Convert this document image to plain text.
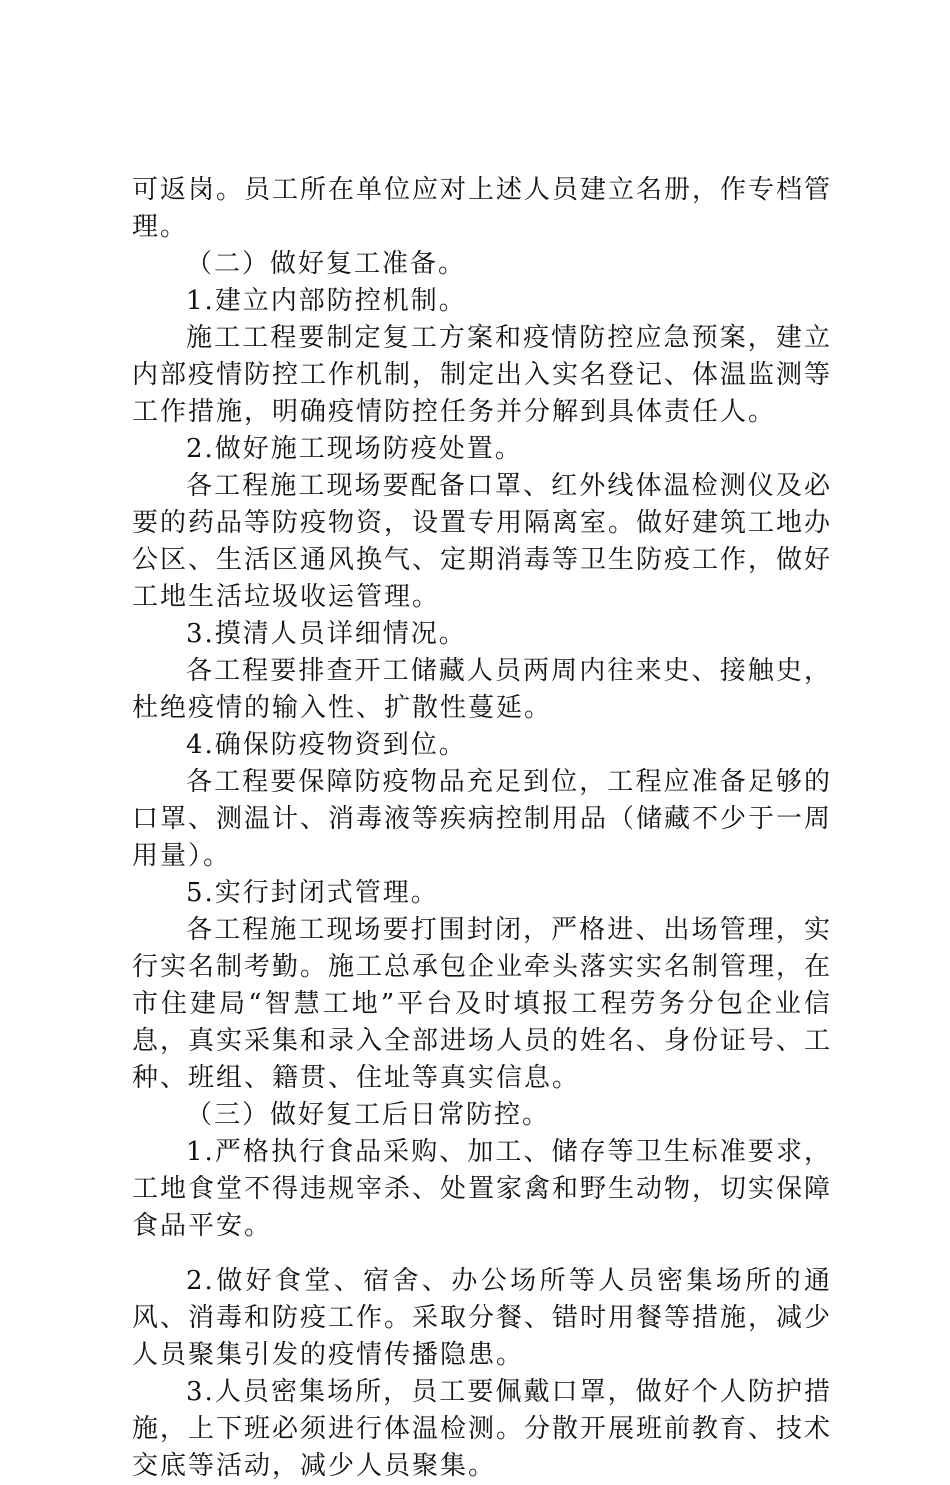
可返岗。员工所在单位应对上述人员建立名册，作专档管理。

（二）做好复工准备。

1.建立内部防控机制。

施工工程要制定复工方案和疫情防控应急预案，建立内部疫情防控工作机制，制定出入实名登记、体温监测等工作措施，明确疫情防控任务并分解到具体责任人。

2.做好施工现场防疫处置。

各工程施工现场要配备口罩、红外线体温检测仪及必要的药品等防疫物资，设置专用隔离室。做好建筑工地办公区、生活区通风换气、定期消毒等卫生防疫工作，做好工地生活垃圾收运管理。

3.摸清人员详细情况。

各工程要排查开工储藏人员两周内往来史、接触史，杜绝疫情的输入性、扩散性蔓延。

4.确保防疫物资到位。

各工程要保障防疫物品充足到位，工程应准备足够的口罩、测温计、消毒液等疾病控制用品（储藏不少于一周用量）。

5.实行封闭式管理。

各工程施工现场要打围封闭，严格进、出场管理，实行实名制考勤。施工总承包企业牵头落实实名制管理，在市住建局“智慧工地”平台及时填报工程劳务分包企业信息，真实采集和录入全部进场人员的姓名、身份证号、工种、班组、籍贯、住址等真实信息。

（三）做好复工后日常防控。

1.严格执行食品采购、加工、储存等卫生标准要求，工地食堂不得违规宰杀、处置家禽和野生动物，切实保障食品平安。

2.做好食堂、宿舍、办公场所等人员密集场所的通风、消毒和防疫工作。采取分餐、错时用餐等措施，减少人员聚集引发的疫情传播隐患。

3.人员密集场所，员工要佩戴口罩，做好个人防护措施，上下班必须进行体温检测。分散开展班前教育、技术交底等活动，减少人员聚集。
